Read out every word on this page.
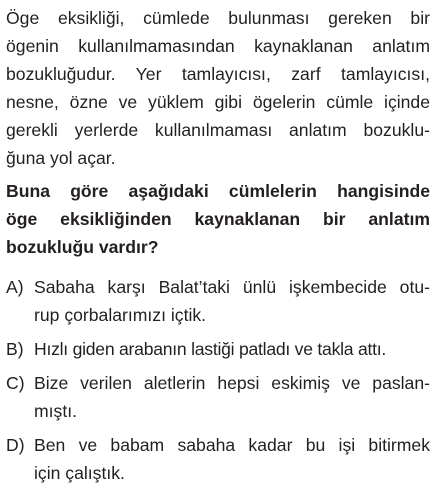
Öge eksikliği, cümlede bulunması gereken bir
ögenin kullanılmamasından kaynaklanan anlatım
bozukluğudur. Yer tamlayıcısı, zarf tamlayıcısı,
nesne, özne ve yüklem gibi ögelerin cümle içinde
gerekli yerlerde kullanılmaması anlatım bozuklu-
ğuna yol açar.
Buna göre aşağıdaki cümlelerin hangisinde
öge eksikliğinden kaynaklanan bir anlatım
bozukluğu vardır?
A) Sabaha karşı Balat’taki ünlü işkembecide otu-
rup çorbalarımızı içtik.
B) Hızlı giden arabanın lastiği patladı ve takla attı.
C) Bize verilen aletlerin hepsi eskimiş ve paslan-
mıştı.
D) Ben ve babam sabaha kadar bu işi bitirmek
için çalıştık.
